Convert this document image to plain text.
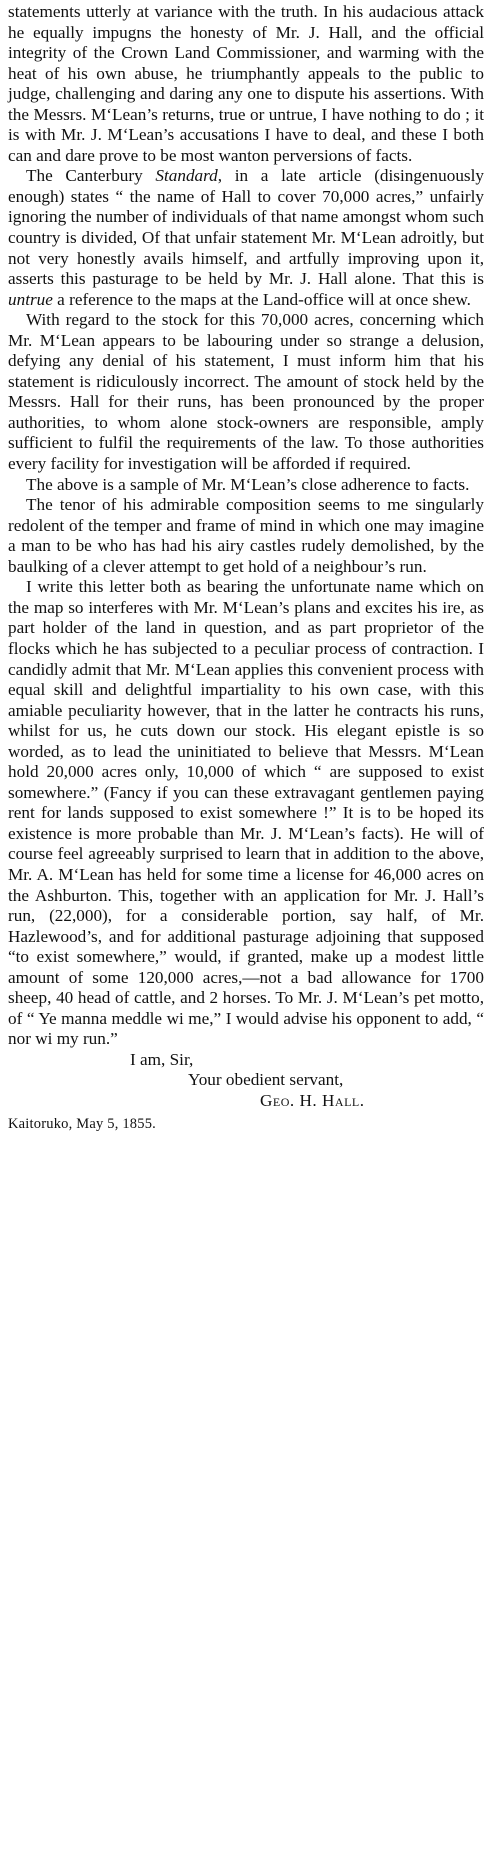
statements utterly at variance with the truth. In his audacious attack he equally impugns the honesty of Mr. J. Hall, and the official integrity of the Crown Land Commissioner, and warming with the heat of his own abuse, he triumphantly appeals to the public to judge, challenging and daring any one to dispute his assertions. With the Messrs. M‘Lean’s returns, true or untrue, I have nothing to do ; it is with Mr. J. M‘Lean’s accusations I have to deal, and these I both can and dare prove to be most wanton perversions of facts.

The Canterbury Standard, in a late article (disingenuously enough) states “ the name of Hall to cover 70,000 acres,” unfairly ignoring the number of individuals of that name amongst whom such country is divided, Of that unfair statement Mr. M‘Lean adroitly, but not very honestly avails himself, and artfully improving upon it, asserts this pasturage to be held by Mr. J. Hall alone. That this is untrue a reference to the maps at the Land-office will at once shew.

With regard to the stock for this 70,000 acres, concerning which Mr. M‘Lean appears to be labouring under so strange a delusion, defying any denial of his statement, I must inform him that his statement is ridiculously incorrect. The amount of stock held by the Messrs. Hall for their runs, has been pronounced by the proper authorities, to whom alone stock-owners are responsible, amply sufficient to fulfil the requirements of the law. To those authorities every facility for investigation will be afforded if required.

The above is a sample of Mr. M‘Lean’s close adherence to facts.

The tenor of his admirable composition seems to me singularly redolent of the temper and frame of mind in which one may imagine a man to be who has had his airy castles rudely demolished, by the baulking of a clever attempt to get hold of a neighbour’s run.

I write this letter both as bearing the unfortunate name which on the map so interferes with Mr. M‘Lean’s plans and excites his ire, as part holder of the land in question, and as part proprietor of the flocks which he has subjected to a peculiar process of contraction. I candidly admit that Mr. M‘Lean applies this convenient process with equal skill and delightful impartiality to his own case, with this amiable peculiarity however, that in the latter he contracts his runs, whilst for us, he cuts down our stock. His elegant epistle is so worded, as to lead the uninitiated to believe that Messrs. M‘Lean hold 20,000 acres only, 10,000 of which “ are supposed to exist somewhere.” (Fancy if you can these extravagant gentlemen paying rent for lands supposed to exist somewhere !” It is to be hoped its existence is more probable than Mr. J. M‘Lean’s facts). He will of course feel agreeably surprised to learn that in addition to the above, Mr. A. M‘Lean has held for some time a license for 46,000 acres on the Ashburton. This, together with an application for Mr. J. Hall’s run, (22,000), for a considerable portion, say half, of Mr. Hazlewood’s, and for additional pasturage adjoining that supposed “to exist somewhere,” would, if granted, make up a modest little amount of some 120,000 acres,—not a bad allowance for 1700 sheep, 40 head of cattle, and 2 horses. To Mr. J. M‘Lean’s pet motto, of “ Ye manna meddle wi me,” I would advise his opponent to add, “ nor wi my run.”

I am, Sir,

Your obedient servant,

Geo. H. Hall.

Kaitoruko, May 5, 1855.
